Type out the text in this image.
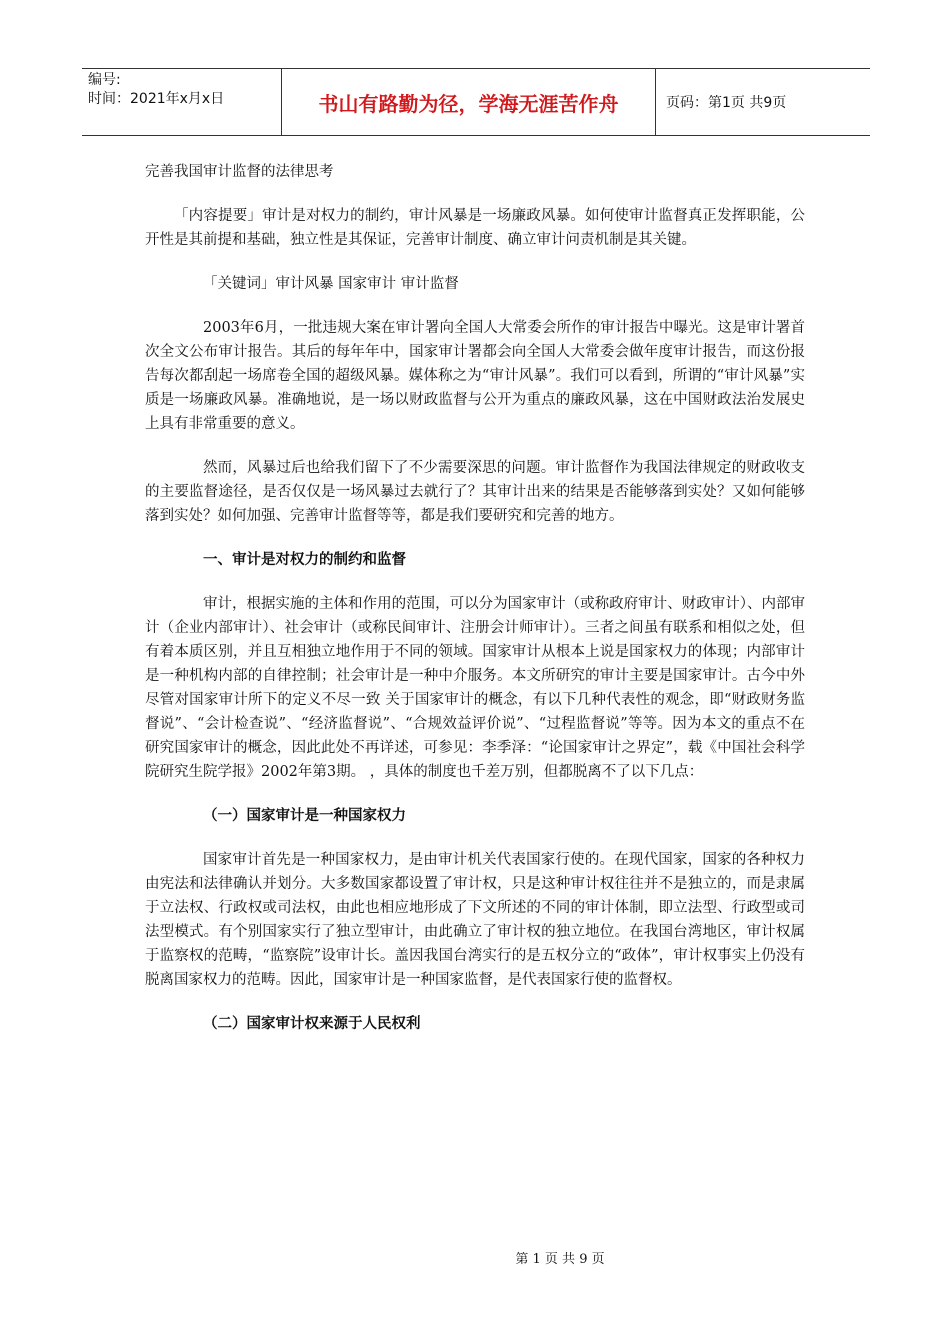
编号:
时间：2021年x月x日	书山有路勤为径，学海无涯苦作舟	页码：第1页 共9页

完善我国审计监督的法律思考

「内容提要」审计是对权力的制约，审计风暴是一场廉政风暴。如何使审计监督真正发挥职能，公开性是其前提和基础，独立性是其保证，完善审计制度、确立审计问责机制是其关键。

「关键词」审计风暴 国家审计 审计监督

2003年6月，一批违规大案在审计署向全国人大常委会所作的审计报告中曝光。这是审计署首次全文公布审计报告。其后的每年年中，国家审计署都会向全国人大常委会做年度审计报告，而这份报告每次都刮起一场席卷全国的超级风暴。媒体称之为“审计风暴”。我们可以看到，所谓的“审计风暴”实质是一场廉政风暴。准确地说，是一场以财政监督与公开为重点的廉政风暴，这在中国财政法治发展史上具有非常重要的意义。

然而，风暴过后也给我们留下了不少需要深思的问题。审计监督作为我国法律规定的财政收支的主要监督途径，是否仅仅是一场风暴过去就行了？其审计出来的结果是否能够落到实处？又如何能够落到实处？如何加强、完善审计监督等等，都是我们要研究和完善的地方。

一、审计是对权力的制约和监督

审计，根据实施的主体和作用的范围，可以分为国家审计（或称政府审计、财政审计）、内部审计（企业内部审计）、社会审计（或称民间审计、注册会计师审计）。三者之间虽有联系和相似之处，但有着本质区别，并且互相独立地作用于不同的领域。国家审计从根本上说是国家权力的体现；内部审计是一种机构内部的自律控制；社会审计是一种中介服务。本文所研究的审计主要是国家审计。古今中外尽管对国家审计所下的定义不尽一致 关于国家审计的概念，有以下几种代表性的观念，即“财政财务监督说”、“会计检查说”、“经济监督说”、“合规效益评价说”、“过程监督说”等等。因为本文的重点不在研究国家审计的概念，因此此处不再详述，可参见：李季泽：“论国家审计之界定”，载《中国社会科学院研究生院学报》2002年第3期。 ，具体的制度也千差万别，但都脱离不了以下几点：

（一）国家审计是一种国家权力

国家审计首先是一种国家权力，是由审计机关代表国家行使的。在现代国家，国家的各种权力由宪法和法律确认并划分。大多数国家都设置了审计权，只是这种审计权往往并不是独立的，而是隶属于立法权、行政权或司法权，由此也相应地形成了下文所述的不同的审计体制，即立法型、行政型或司法型模式。有个别国家实行了独立型审计，由此确立了审计权的独立地位。在我国台湾地区，审计权属于监察权的范畴，“监察院”设审计长。盖因我国台湾实行的是五权分立的“政体”，审计权事实上仍没有脱离国家权力的范畴。因此，国家审计是一种国家监督，是代表国家行使的监督权。

（二）国家审计权来源于人民权利

第 1 页 共 9 页
